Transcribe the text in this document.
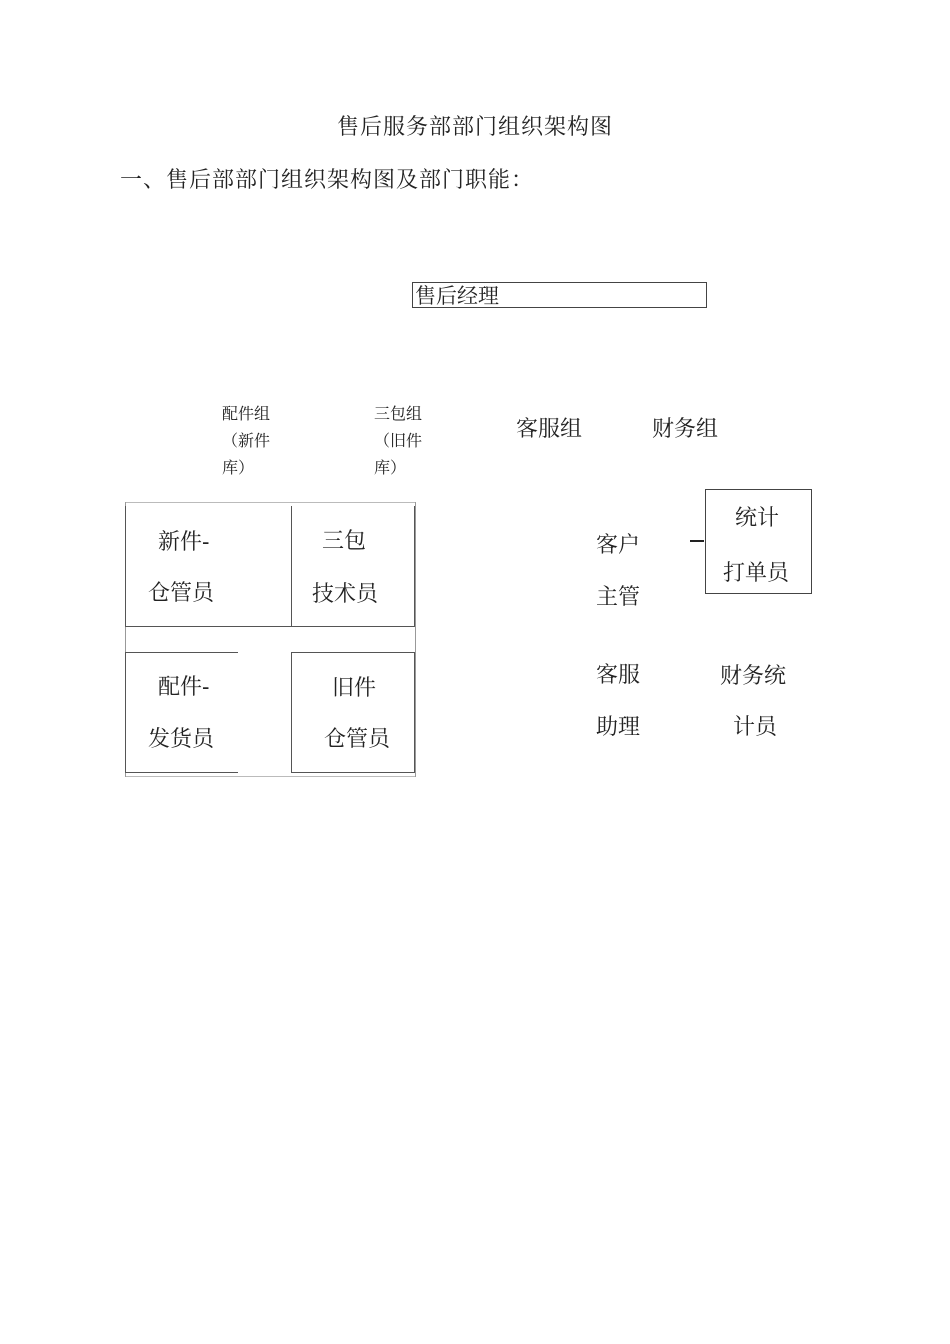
售后服务部部门组织架构图
一、售后部部门组织架构图及部门职能：
售后经理
配件组
（新件
库）
三包组
（旧件
库）
客服组	财务组
新件-
仓管员
三包
技术员
配件-
发货员
旧件
仓管员
客户
主管
统计
打单员
客服
助理
财务统
计员
